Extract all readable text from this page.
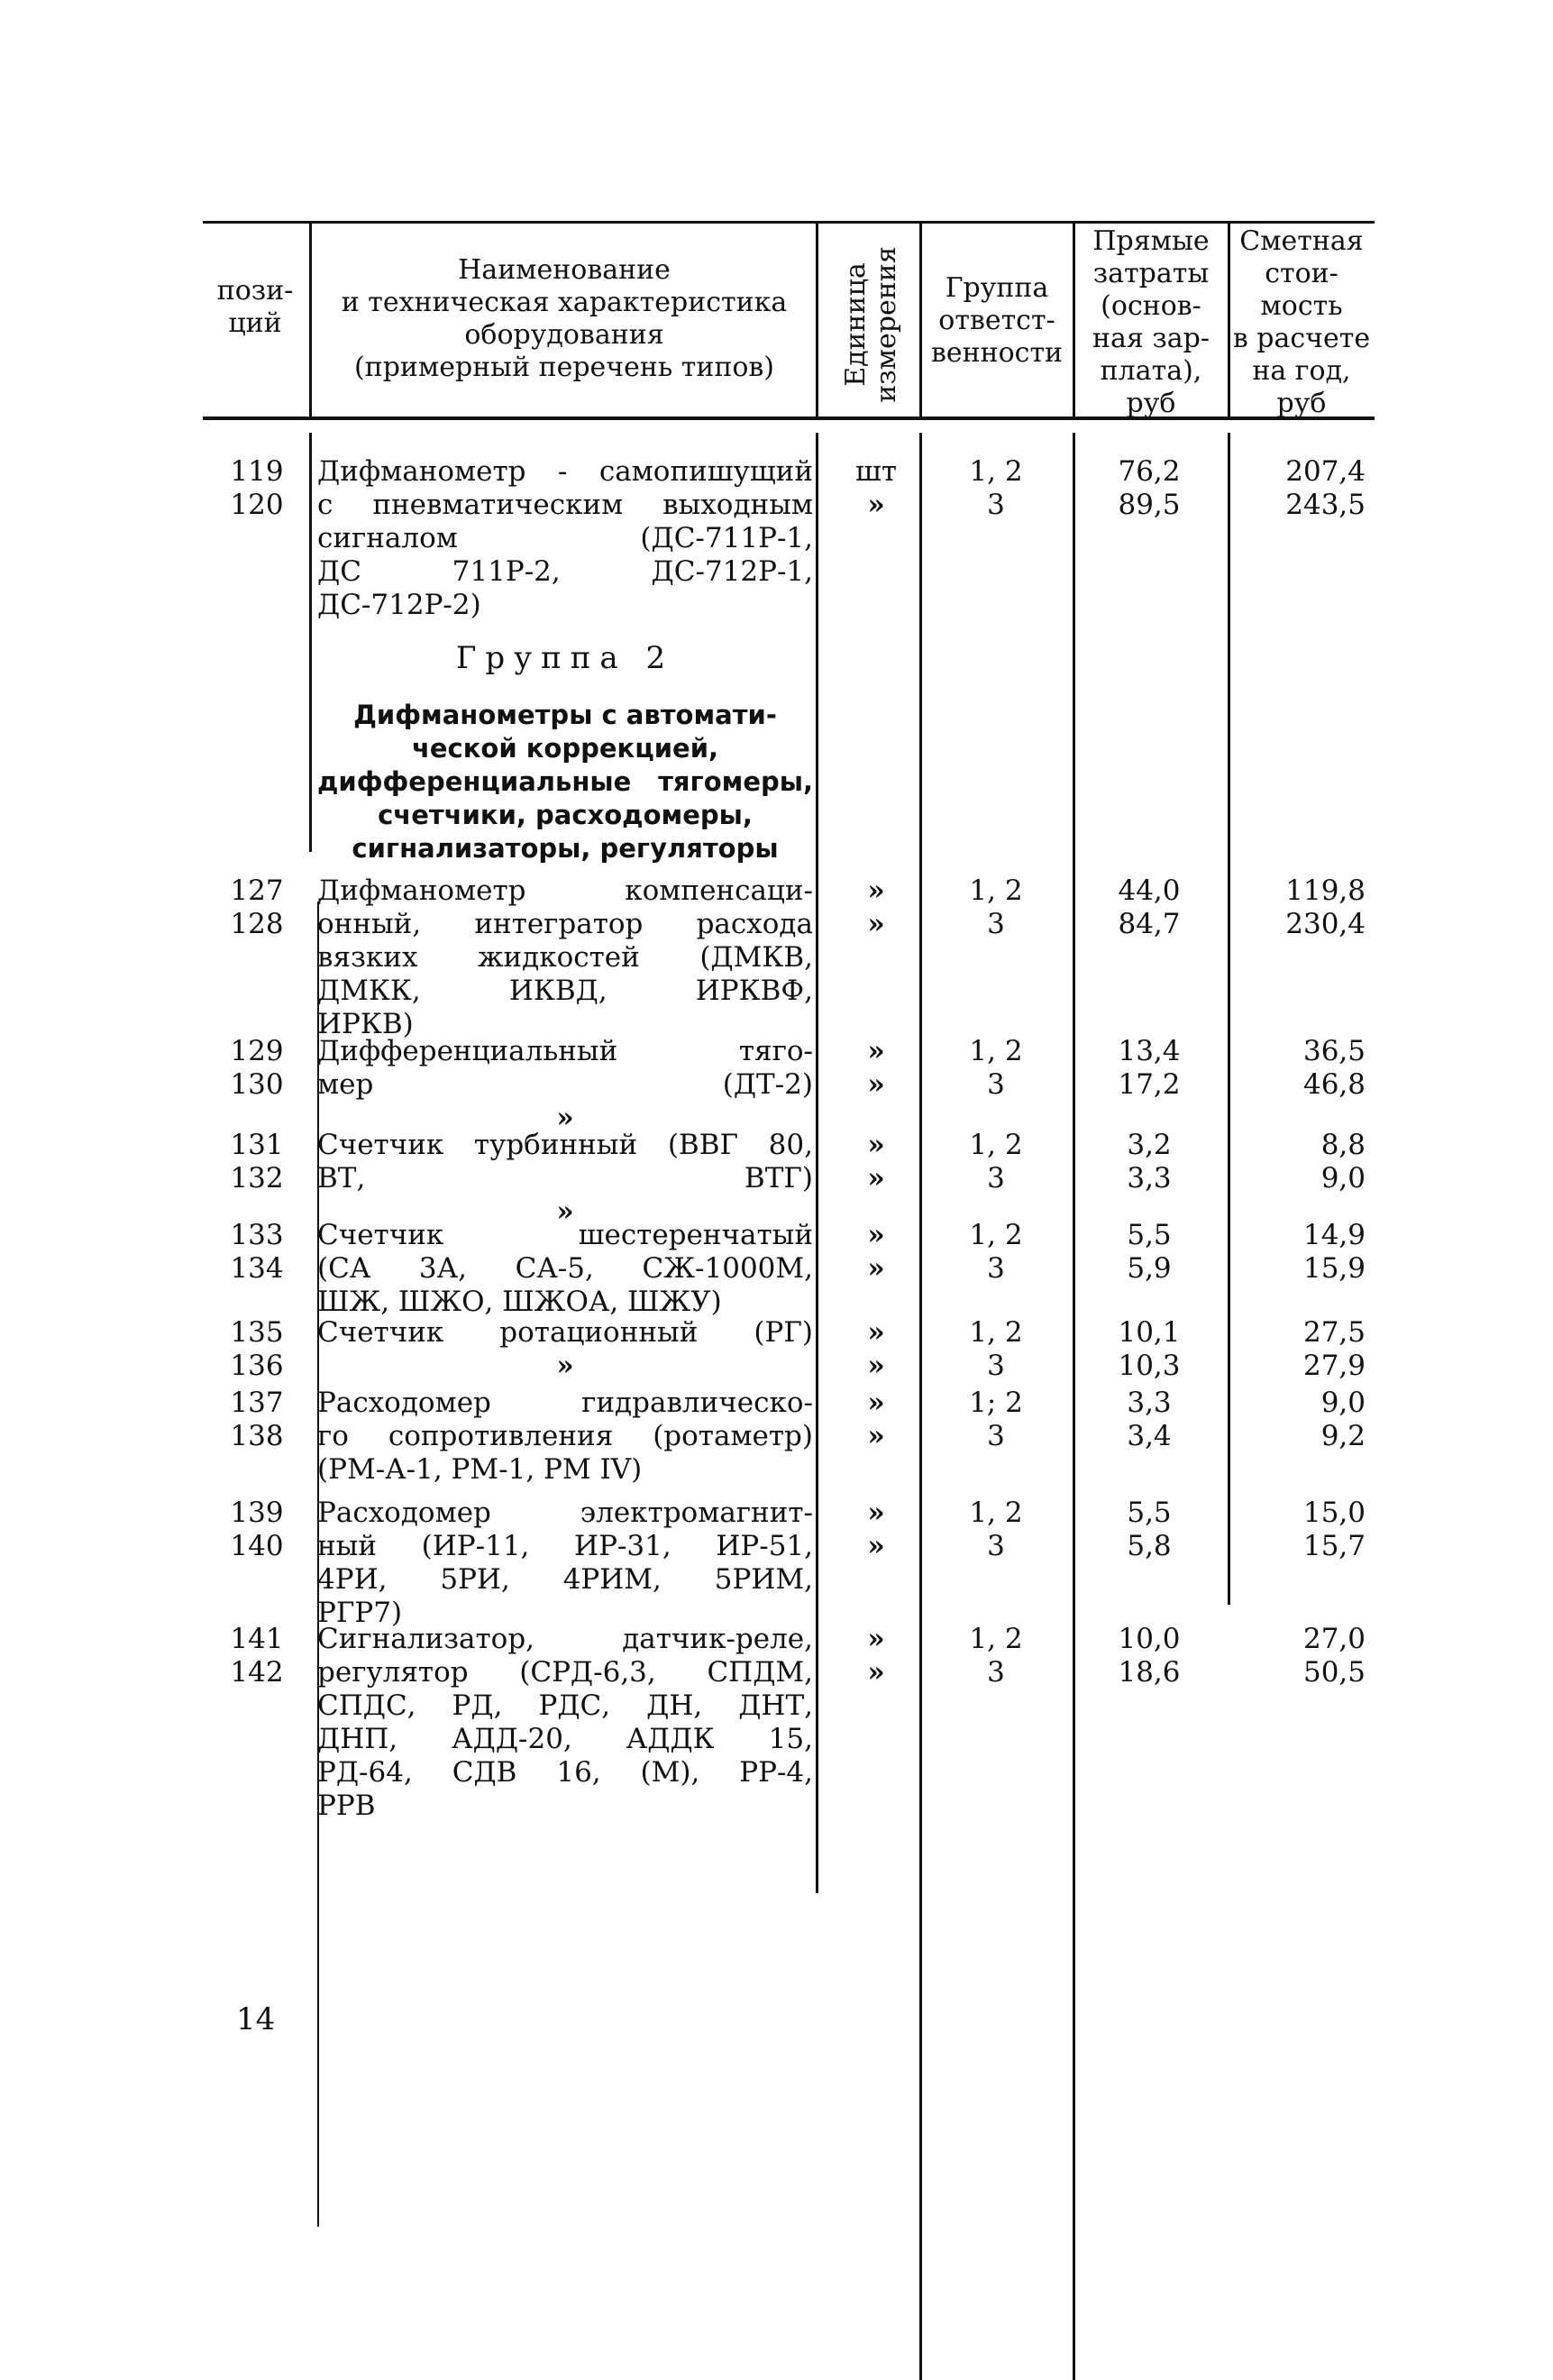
пози-
ций
Наименование
и техническая характеристика
оборудования
(примерный перечень типов)	Единица измерения	Группа
ответст-
венности
Прямые
затраты
(основ-
ная зар-
плата),
руб
Сметная
стои-
мость
в расчете
на год,
руб
119
120
Дифманометр - самопишущий
с пневматическим выходным
сигналом (ДС-711Р-1,
ДС 711Р-2, ДС-712Р-1,
ДС-712Р-2)
шт
»
1, 2
3
76,2
89,5
207,4
243,5
Группа 2
Дифманометры с автомати-
ческой коррекцией,
дифференциальные тягомеры,
счетчики, расходомеры,
сигнализаторы, регуляторы
127
128
Дифманометр компенсаци-
онный, интегратор расхода
вязких жидкостей (ДМКВ,
ДМКК, ИКВД, ИРКВФ,
ИРКВ)
»
»
1, 2
3
44,0
84,7
119,8
230,4
129
130
Дифференциальный тяго-
мер (ДТ-2)
»
»
»
1, 2
3
13,4
17,2
36,5
46,8
131
132
Счетчик турбинный (ВВГ 80,
ВТ, ВТГ)
»
»
»
1, 2
3
3,2
3,3
8,8
9,0
133
134
Счетчик шестеренчатый
(СА 3А, СА-5, СЖ-1000М,
ШЖ, ШЖО, ШЖОА, ШЖУ)
»
»
1, 2
3
5,5
5,9
14,9
15,9
135
136
Счетчик ротационный (РГ)
»
»
»
1, 2
3
10,1
10,3
27,5
27,9
137
138
Расходомер гидравлическо-
го сопротивления (ротаметр)
(РМ-А-1, РМ-1, РМ IV)
»
»
1; 2
3
3,3
3,4
9,0
9,2
139
140
Расходомер электромагнит-
ный (ИР-11, ИР-31, ИР-51,
4РИ, 5РИ, 4РИМ, 5РИМ,
РГР7)
»
»
1, 2
3
5,5
5,8
15,0
15,7
141
142
Сигнализатор, датчик-реле,
регулятор (СРД-6,3, СПДМ,
СПДС, РД, РДС, ДН, ДНТ,
ДНП, АДД-20, АДДК 15,
РД-64, СДВ 16, (М), РР-4,
РРВ
»
»
1, 2
3
10,0
18,6
27,0
50,5
14
